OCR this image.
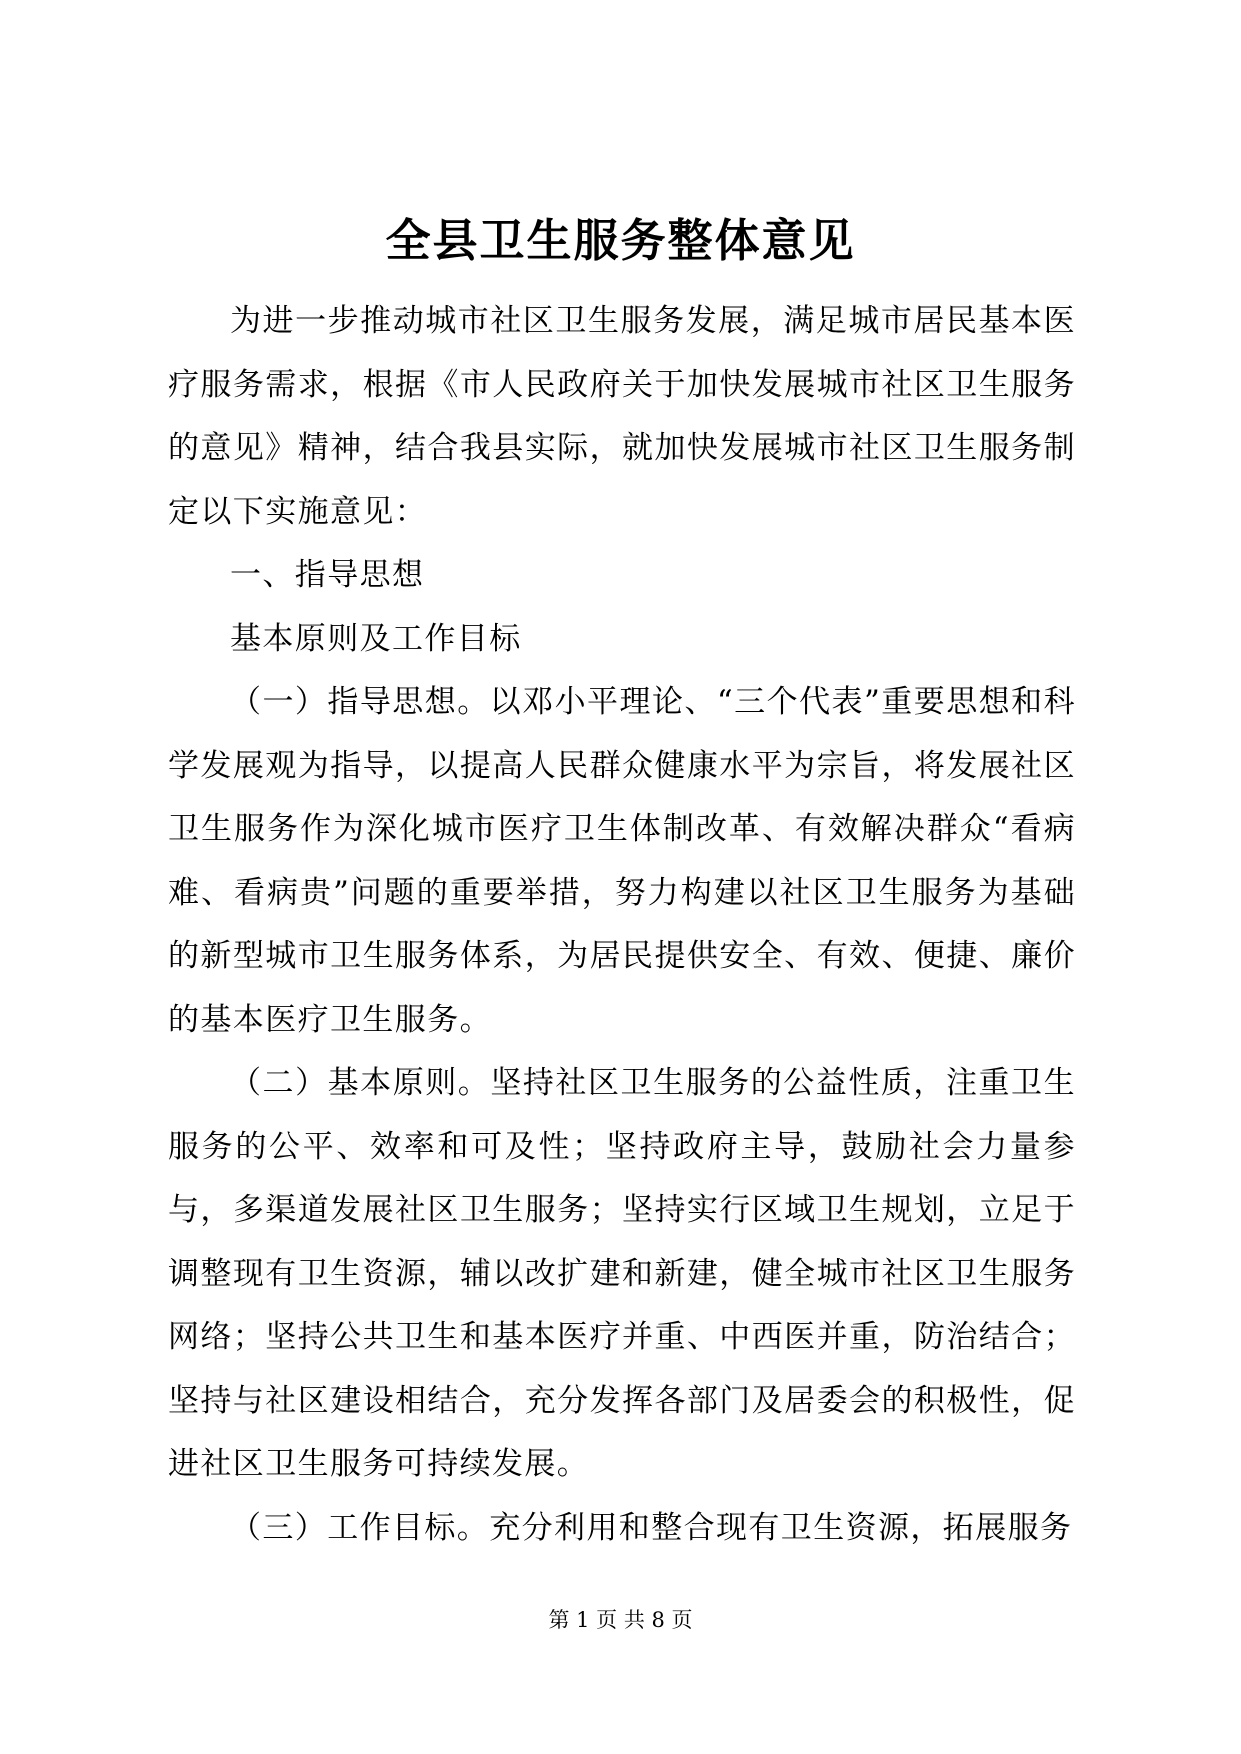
全县卫生服务整体意见

为进一步推动城市社区卫生服务发展，满足城市居民基本医疗服务需求，根据《市人民政府关于加快发展城市社区卫生服务的意见》精神，结合我县实际，就加快发展城市社区卫生服务制定以下实施意见：

一、指导思想

基本原则及工作目标

（一）指导思想。以邓小平理论、“三个代表”重要思想和科学发展观为指导，以提高人民群众健康水平为宗旨，将发展社区卫生服务作为深化城市医疗卫生体制改革、有效解决群众“看病难、看病贵”问题的重要举措，努力构建以社区卫生服务为基础的新型城市卫生服务体系，为居民提供安全、有效、便捷、廉价的基本医疗卫生服务。

（二）基本原则。坚持社区卫生服务的公益性质，注重卫生服务的公平、效率和可及性；坚持政府主导，鼓励社会力量参与，多渠道发展社区卫生服务；坚持实行区域卫生规划，立足于调整现有卫生资源，辅以改扩建和新建，健全城市社区卫生服务网络；坚持公共卫生和基本医疗并重、中西医并重，防治结合；坚持与社区建设相结合，充分发挥各部门及居委会的积极性，促进社区卫生服务可持续发展。

（三）工作目标。充分利用和整合现有卫生资源，拓展服务

第 1 页 共 8 页
